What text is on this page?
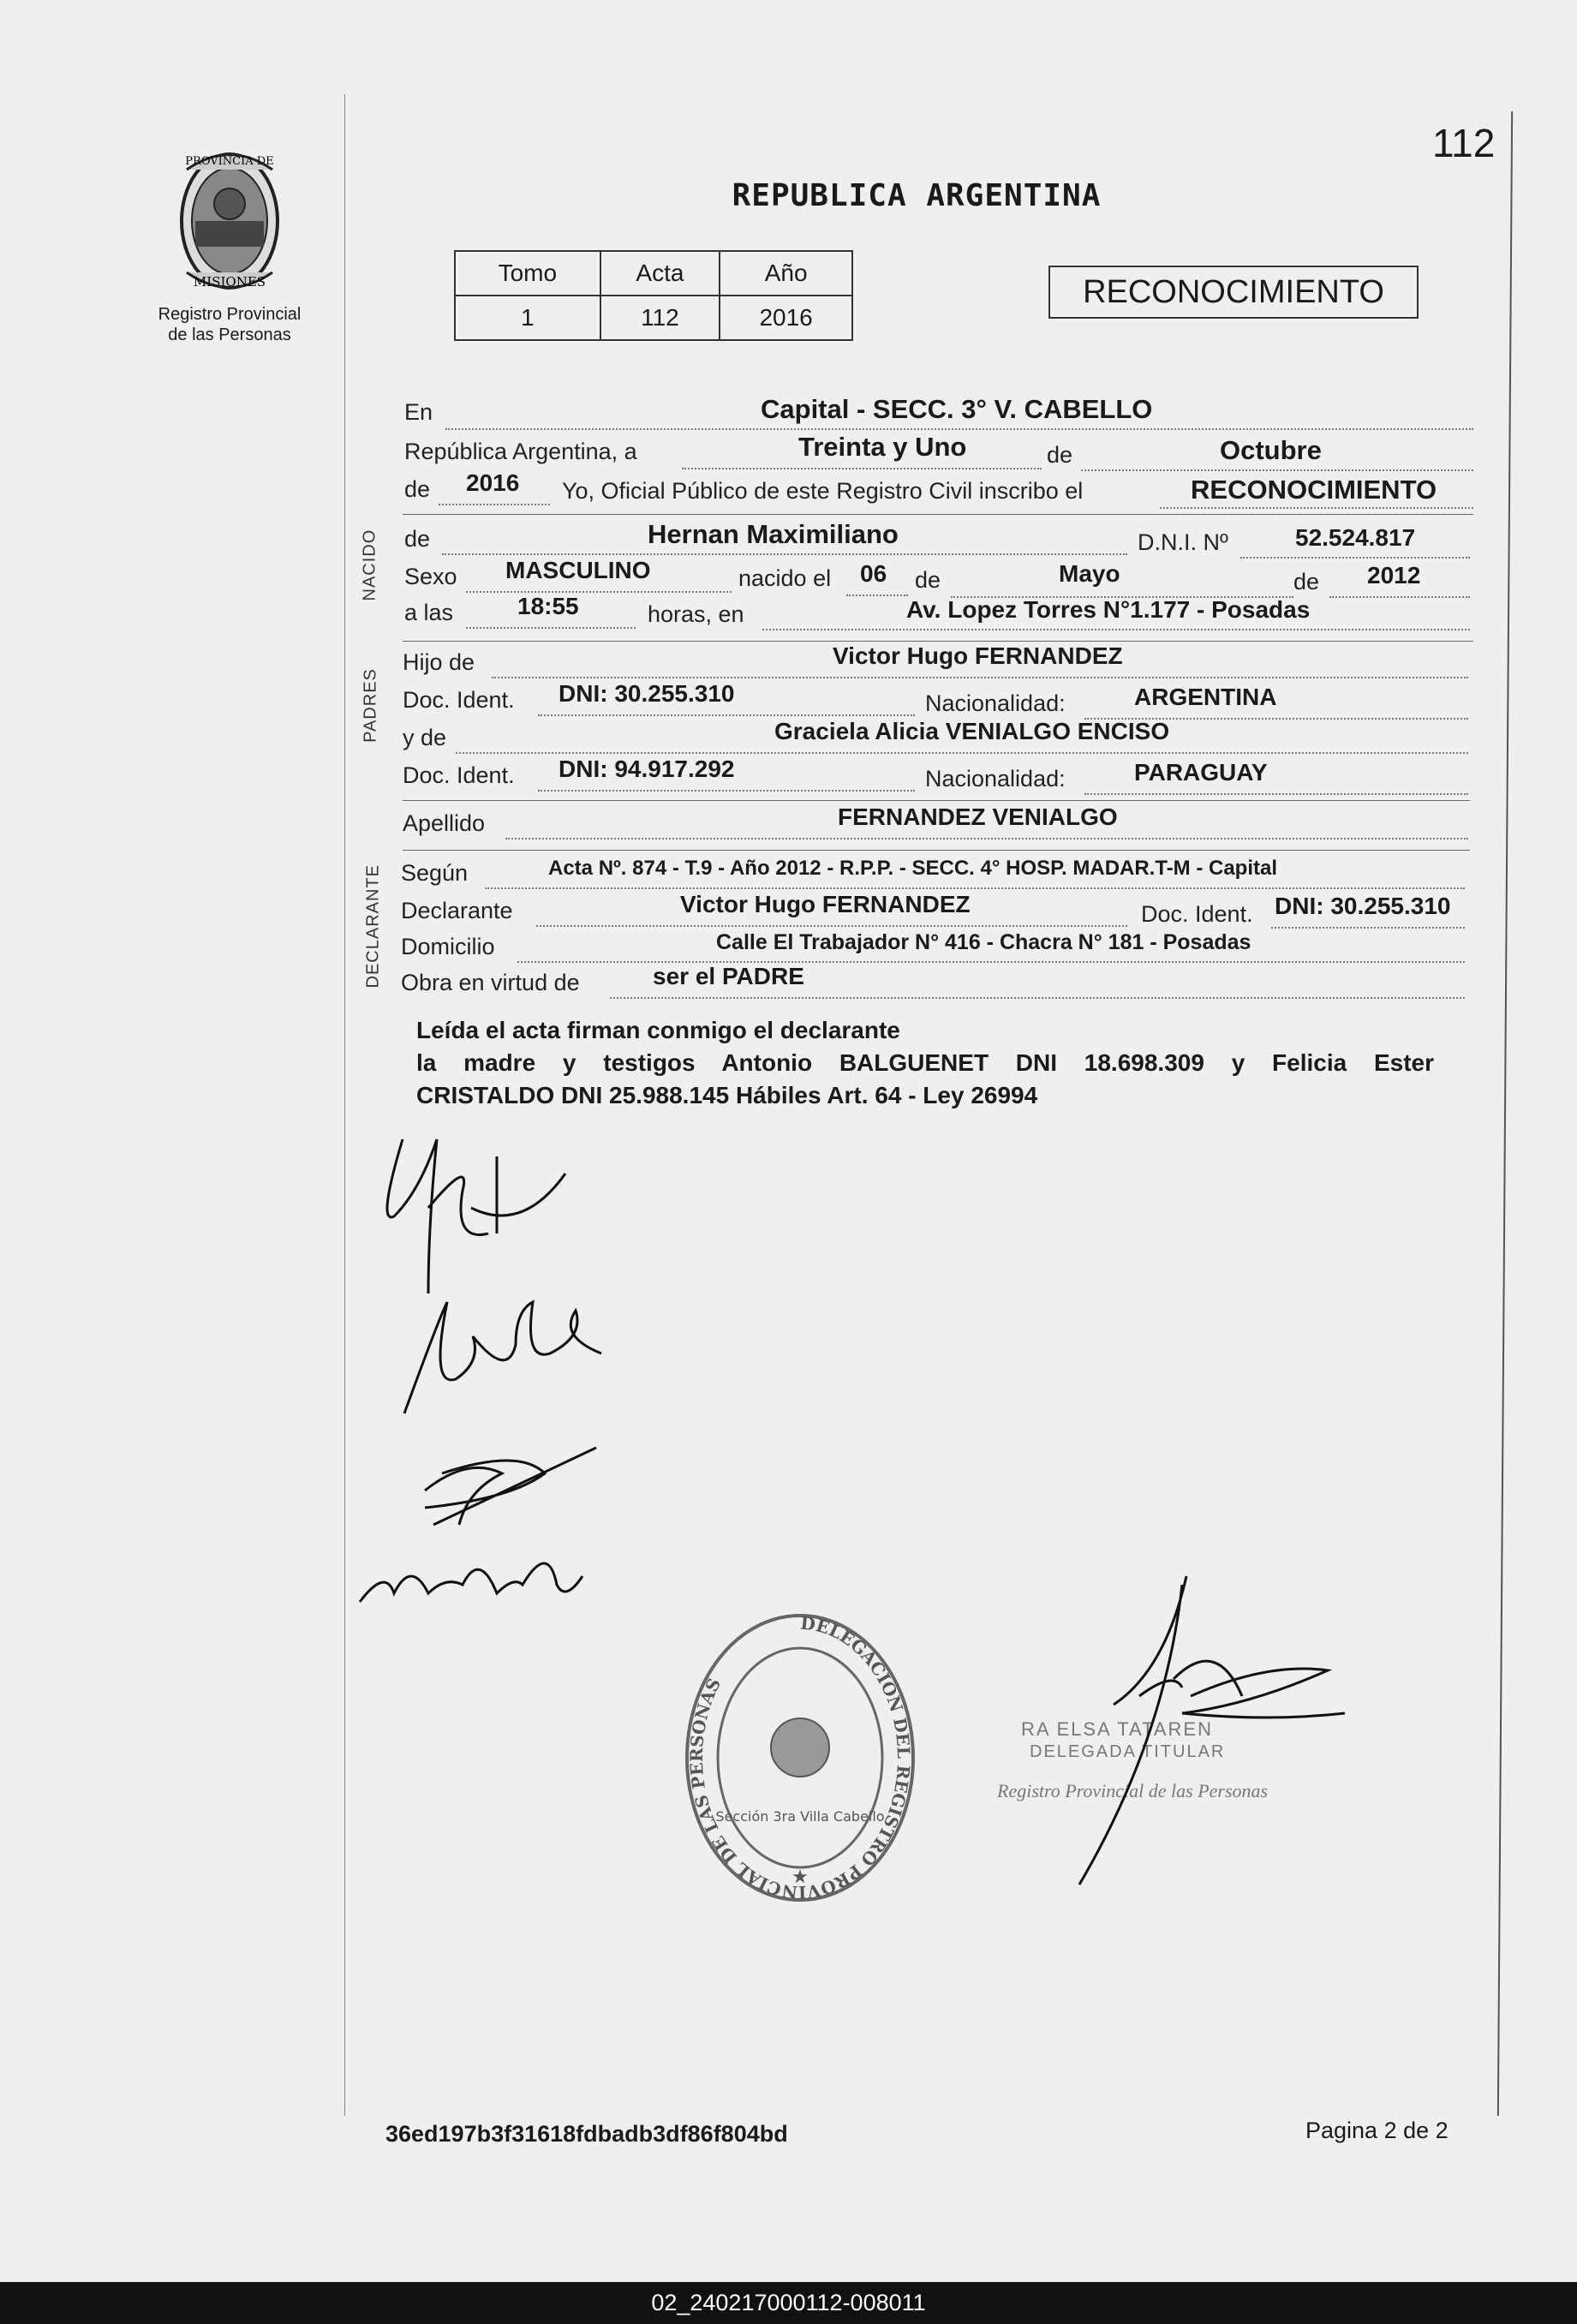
112
PROVINCIA DE
MISIONES
Registro Provincial
de las Personas
REPUBLICA ARGENTINA
Tomo	Acta	Año
1	112	2016
RECONOCIMIENTO
En	Capital - SECC. 3° V. CABELLO
República Argentina, a	Treinta y Uno	de	Octubre
de 2016 Yo, Oficial Público de este Registro Civil inscribo el	RECONOCIMIENTO
NACIDO de	Hernan Maximiliano	D.N.I. Nº	52.524.817
Sexo MASCULINO	nacido el 06 de	Mayo	de 2012
a las	18:55	horas, en	Av. Lopez Torres N°1.177 - Posadas
PADRES
Hijo de	Victor Hugo FERNANDEZ
Doc. Ident. DNI: 30.255.310	Nacionalidad:	ARGENTINA
y de	Graciela Alicia VENIALGO ENCISO
Doc. Ident. DNI: 94.917.292	Nacionalidad:	PARAGUAY
Apellido	FERNANDEZ VENIALGO
DECLARANTE Según	Acta Nº. 874 - T.9 - Año 2012 - R.P.P. - SECC. 4° HOSP. MADAR.T-M - Capital
Declarante	Victor Hugo FERNANDEZ	Doc. Ident. DNI: 30.255.310
Domicilio	Calle El Trabajador N° 416 - Chacra N° 181 - Posadas
Obra en virtud de	ser el PADRE
Leída el acta firman conmigo el declarante
la madre y testigos Antonio BALGUENET DNI 18.698.309 y Felicia Ester
CRISTALDO DNI 25.988.145 Hábiles Art. 64 - Ley 26994
DELEGACION DEL REGISTRO PROVINCIAL DE LAS PERSONAS
Sección 3ra Villa Cabello
★
RA ELSA TATAREN
DELEGADA TITULAR
Registro Provincial de las Personas
36ed197b3f31618fdbadb3df86f804bd	Pagina 2 de 2
02_240217000112-008011
